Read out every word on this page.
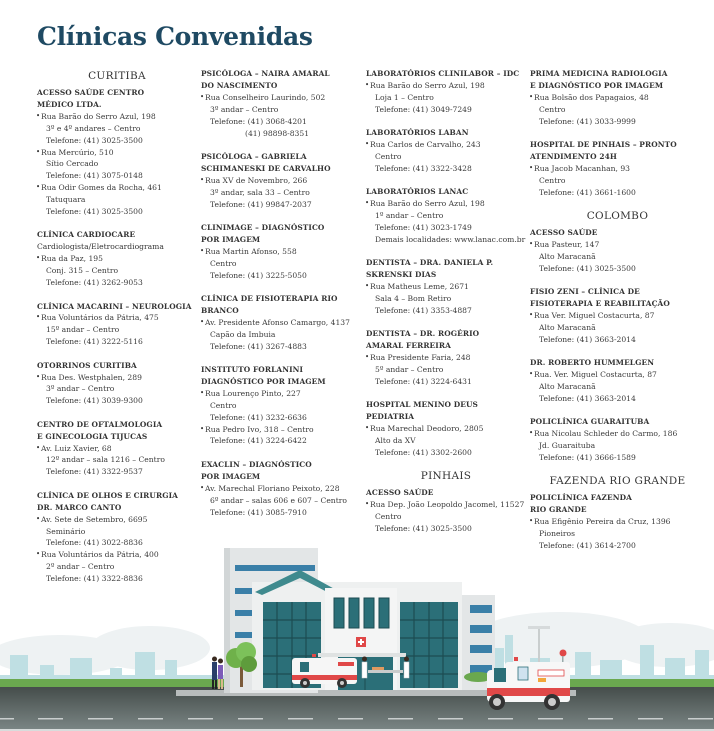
Clínicas Convenidas
CURITIBA
ACESSO SAÚDE CENTRO
MÉDICO LTDA.
• Rua Barão do Serro Azul, 198
3º e 4º andares – Centro
Telefone: (41) 3025-3500
• Rua Mercúrio, 510
Sítio Cercado
Telefone: (41) 3075-0148
• Rua Odir Gomes da Rocha, 461
Tatuquara
Telefone: (41) 3025-3500
CLÍNICA CARDIOCARE
Cardiologista/Eletrocardiograma
• Rua da Paz, 195
Conj. 315 – Centro
Telefone: (41) 3262-9053
CLÍNICA MACARINI – NEUROLOGIA
• Rua Voluntários da Pátria, 475
15º andar – Centro
Telefone: (41) 3222-5116
OTORRINOS CURITIBA
• Rua Des. Westphalen, 289
3º andar – Centro
Telefone: (41) 3039-9300
CENTRO DE OFTALMOLOGIA
E GINECOLOGIA TIJUCAS
• Av. Luiz Xavier, 68
12º andar – sala 1216 – Centro
Telefone: (41) 3322-9537
CLÍNICA DE OLHOS E CIRURGIA
DR. MARCO CANTO
• Av. Sete de Setembro, 6695
Seminário
Telefone: (41) 3022-8836
• Rua Voluntários da Pátria, 400
2º andar – Centro
Telefone: (41) 3322-8836
PSICÓLOGA – NAIRA AMARAL
DO NASCIMENTO
• Rua Conselheiro Laurindo, 502
3º andar – Centro
Telefone: (41) 3068-4201
(41) 98898-8351
PSICÓLOGA – GABRIELA
SCHIMANESKI DE CARVALHO
• Rua XV de Novembro, 266
3º andar, sala 33 – Centro
Telefone: (41) 99847-2037
CLINIMAGE – DIAGNÓSTICO
POR IMAGEM
• Rua Martin Afonso, 558
Centro
Telefone: (41) 3225-5050
CLÍNICA DE FISIOTERAPIA RIO
BRANCO
• Av. Presidente Afonso Camargo, 4137
Capão da Imbuia
Telefone: (41) 3267-4883
INSTITUTO FORLANINI
DIAGNÓSTICO POR IMAGEM
• Rua Lourenço Pinto, 227
Centro
Telefone: (41) 3232-6636
• Rua Pedro Ivo, 318 – Centro
Telefone: (41) 3224-6422
EXACLIN – DIAGNÓSTICO
POR IMAGEM
• Av. Marechal Floriano Peixoto, 228
6º andar – salas 606 e 607 – Centro
Telefone: (41) 3085-7910
LABORATÓRIOS CLINILABOR – IDC
• Rua Barão do Serro Azul, 198
Loja 1 – Centro
Telefone: (41) 3049-7249
LABORATÓRIOS LABAN
• Rua Carlos de Carvalho, 243
Centro
Telefone: (41) 3322-3428
LABORATÓRIOS LANAC
• Rua Barão do Serro Azul, 198
1º andar – Centro
Telefone: (41) 3023-1749
Demais localidades: www.lanac.com.br
DENTISTA – DRA. DANIELA P.
SKRENSKI DIAS
• Rua Matheus Leme, 2671
Sala 4 – Bom Retiro
Telefone: (41) 3353-4887
DENTISTA – DR. ROGÉRIO
AMARAL FERREIRA
• Rua Presidente Faria, 248
5º andar – Centro
Telefone: (41) 3224-6431
HOSPITAL MENINO DEUS
PEDIATRIA
• Rua Marechal Deodoro, 2805
Alto da XV
Telefone: (41) 3302-2600
PINHAIS
ACESSO SAÚDE
• Rua Dep. João Leopoldo Jacomel, 11527
Centro
Telefone: (41) 3025-3500
PRIMA MEDICINA RADIOLOGIA
E DIAGNÓSTICO POR IMAGEM
• Rua Bolsão dos Papagaios, 48
Centro
Telefone: (41) 3033-9999
HOSPITAL DE PINHAIS – PRONTO
ATENDIMENTO 24H
• Rua Jacob Macanhan, 93
Centro
Telefone: (41) 3661-1600
COLOMBO
ACESSO SAÚDE
• Rua Pasteur, 147
Alto Maracanã
Telefone: (41) 3025-3500
FISIO ZENI – CLÍNICA DE
FISIOTERAPIA E REABILITAÇÃO
• Rua Ver. Miguel Costacurta, 87
Alto Maracanã
Telefone: (41) 3663-2014
DR. ROBERTO HUMMELGEN
• Rua. Ver. Miguel Costacurta, 87
Alto Maracanã
Telefone: (41) 3663-2014
POLICLÍNICA GUARAITUBA
• Rua Nicolau Schleder do Carmo, 186
Jd. Guaraituba
Telefone: (41) 3666-1589
FAZENDA RIO GRANDE
POLICLÍNICA FAZENDA
RIO GRANDE
• Rua Efigênio Pereira da Cruz, 1396
Pioneiros
Telefone: (41) 3614-2700
